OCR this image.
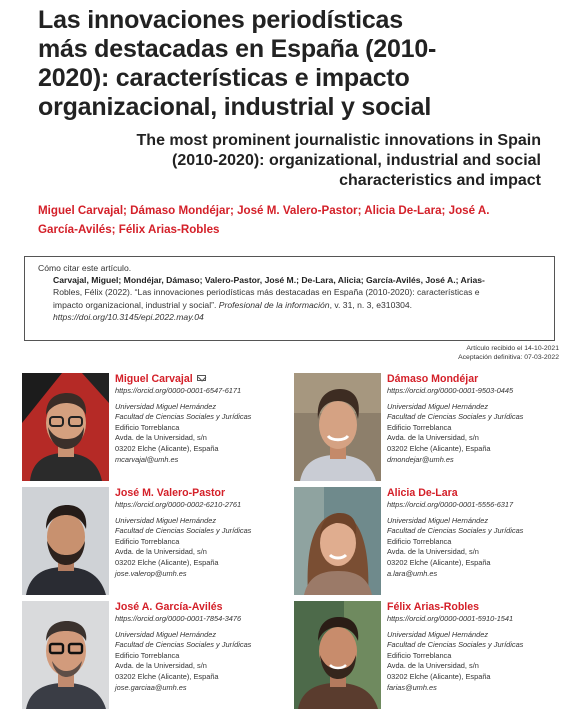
Las innovaciones periodísticas
más destacadas en España (2010-
2020): características e impacto
organizacional, industrial y social
The most prominent journalistic innovations in Spain
(2010-2020): organizational, industrial and social
characteristics and impact
Miguel Carvajal; Dámaso Mondéjar; José M. Valero-Pastor; Alicia De-Lara; José A.
García-Avilés; Félix Arias-Robles
Cómo citar este artículo.
Carvajal, Miguel; Mondéjar, Dámaso; Valero-Pastor, José M.; De-Lara, Alicia; García-Avilés, José A.; Arias-
Robles, Félix (2022). “Las innovaciones periodísticas más destacadas en España (2010-2020): características e
impacto organizacional, industrial y social”. Profesional de la información, v. 31, n. 3, e310304.
https://doi.org/10.3145/epi.2022.may.04
Artículo recibido el 14-10-2021
Aceptación definitiva: 07-03-2022
Miguel Carvajal
https://orcid.org/0000-0001-6547-6171
Universidad Miguel Hernández
Facultad de Ciencias Sociales y Jurídicas
Edificio Torreblanca
Avda. de la Universidad, s/n
03202 Elche (Alicante), España
mcarvajal@umh.es
Dámaso Mondéjar
https://orcid.org/0000-0001-9503-0445
Universidad Miguel Hernández
Facultad de Ciencias Sociales y Jurídicas
Edificio Torreblanca
Avda. de la Universidad, s/n
03202 Elche (Alicante), España
dmondejar@umh.es
José M. Valero-Pastor
https://orcid.org/0000-0002-6210-2761
Universidad Miguel Hernández
Facultad de Ciencias Sociales y Jurídicas
Edificio Torreblanca
Avda. de la Universidad, s/n
03202 Elche (Alicante), España
jose.valerop@umh.es
Alicia De-Lara
https://orcid.org/0000-0001-5556-6317
Universidad Miguel Hernández
Facultad de Ciencias Sociales y Jurídicas
Edificio Torreblanca
Avda. de la Universidad, s/n
03202 Elche (Alicante), España
a.lara@umh.es
José A. García-Avilés
https://orcid.org/0000-0001-7854-3476
Universidad Miguel Hernández
Facultad de Ciencias Sociales y Jurídicas
Edificio Torreblanca
Avda. de la Universidad, s/n
03202 Elche (Alicante), España
jose.garciaa@umh.es
Félix Arias-Robles
https://orcid.org/0000-0001-5910-1541
Universidad Miguel Hernández
Facultad de Ciencias Sociales y Jurídicas
Edificio Torreblanca
Avda. de la Universidad, s/n
03202 Elche (Alicante), España
farias@umh.es
